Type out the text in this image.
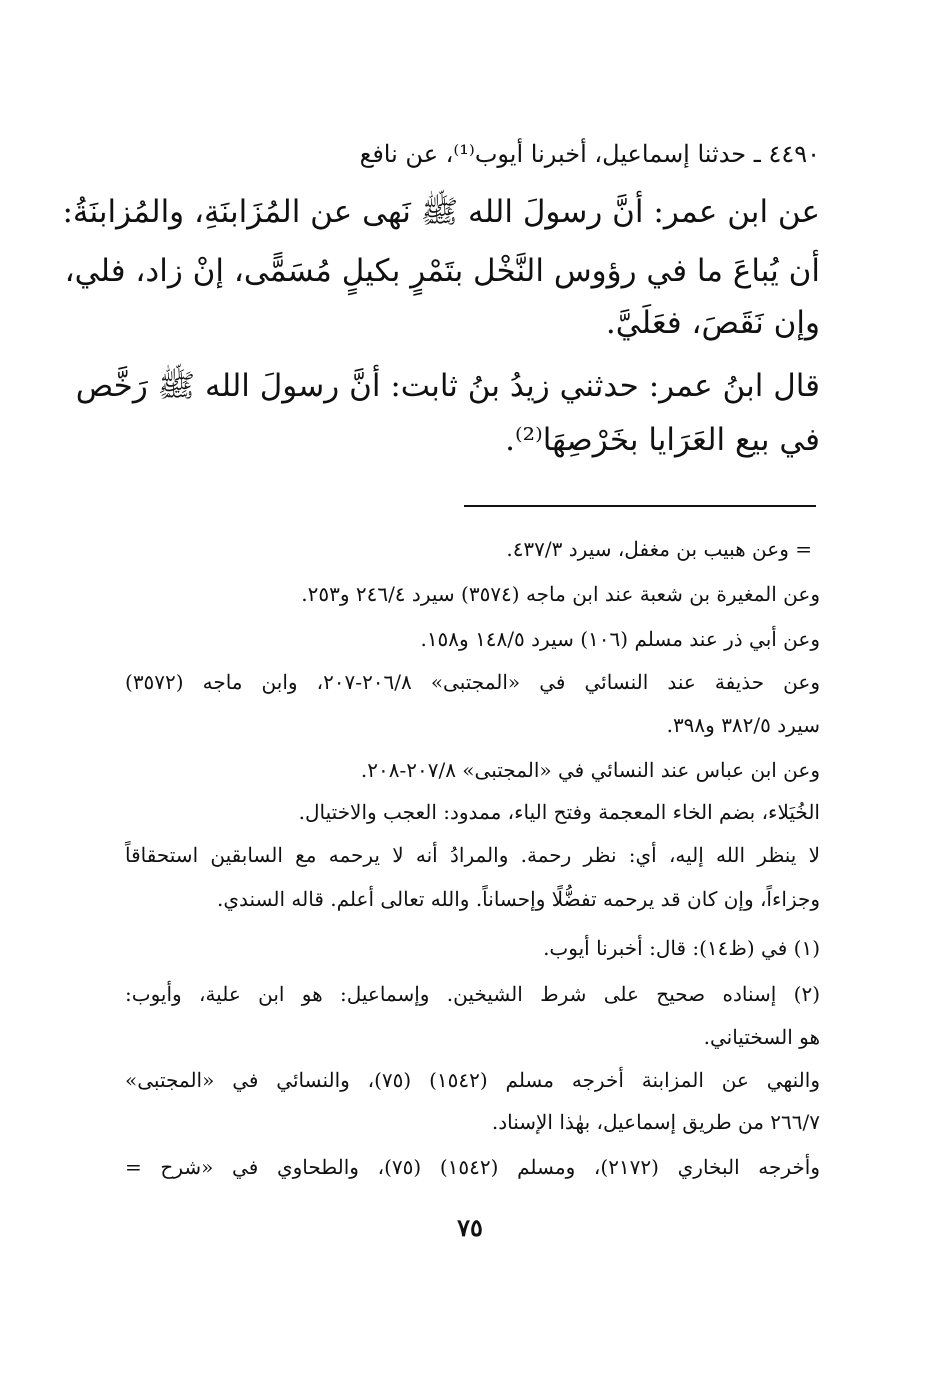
٤٤٩٠ ـ حدثنا إسماعيل، أخبرنا أيوب⁽¹⁾، عن نافع
عن ابن عمر: أنَّ رسولَ الله ﷺ نَهى عن المُزَابنَةِ، والمُزابنَةُ:
أن يُباعَ ما في رؤوس النَّخْل بتَمْرٍ بكيلٍ مُسَمًّى، إنْ زاد، فلي،
وإن نَقَصَ، فعَلَيَّ.
قال ابنُ عمر: حدثني زيدُ بنُ ثابت: أنَّ رسولَ الله ﷺ رَخَّص
في بيع العَرَايا بخَرْصِهَا⁽²⁾.
= وعن هبيب بن مغفل، سيرد ٤٣٧/٣.
وعن المغيرة بن شعبة عند ابن ماجه (٣٥٧٤) سيرد ٢٤٦/٤ و٢٥٣.
وعن أبي ذر عند مسلم (١٠٦) سيرد ١٤٨/٥ و١٥٨.
وعن حذيفة عند النسائي في «المجتبى» ٢٠٦/٨-٢٠٧، وابن ماجه (٣٥٧٢)
سيرد ٣٨٢/٥ و٣٩٨.
وعن ابن عباس عند النسائي في «المجتبى» ٢٠٧/٨-٢٠٨.
الخُيَلاء، بضم الخاء المعجمة وفتح الياء، ممدود: العجب والاختيال.
لا ينظر الله إليه، أي: نظر رحمة. والمرادُ أنه لا يرحمه مع السابقين استحقاقاً
وجزاءاً، وإن كان قد يرحمه تفضُّلًا وإحساناً. والله تعالى أعلم. قاله السندي.
(١) في (ظ١٤): قال: أخبرنا أيوب.
(٢) إسناده صحيح على شرط الشيخين. وإسماعيل: هو ابن علية، وأيوب:
هو السختياني.
والنهي عن المزابنة أخرجه مسلم (١٥٤٢) (٧٥)، والنسائي في «المجتبى»
٢٦٦/٧ من طريق إسماعيل، بهٰذا الإسناد.
وأخرجه البخاري (٢١٧٢)، ومسلم (١٥٤٢) (٧٥)، والطحاوي في «شرح =
٧٥
